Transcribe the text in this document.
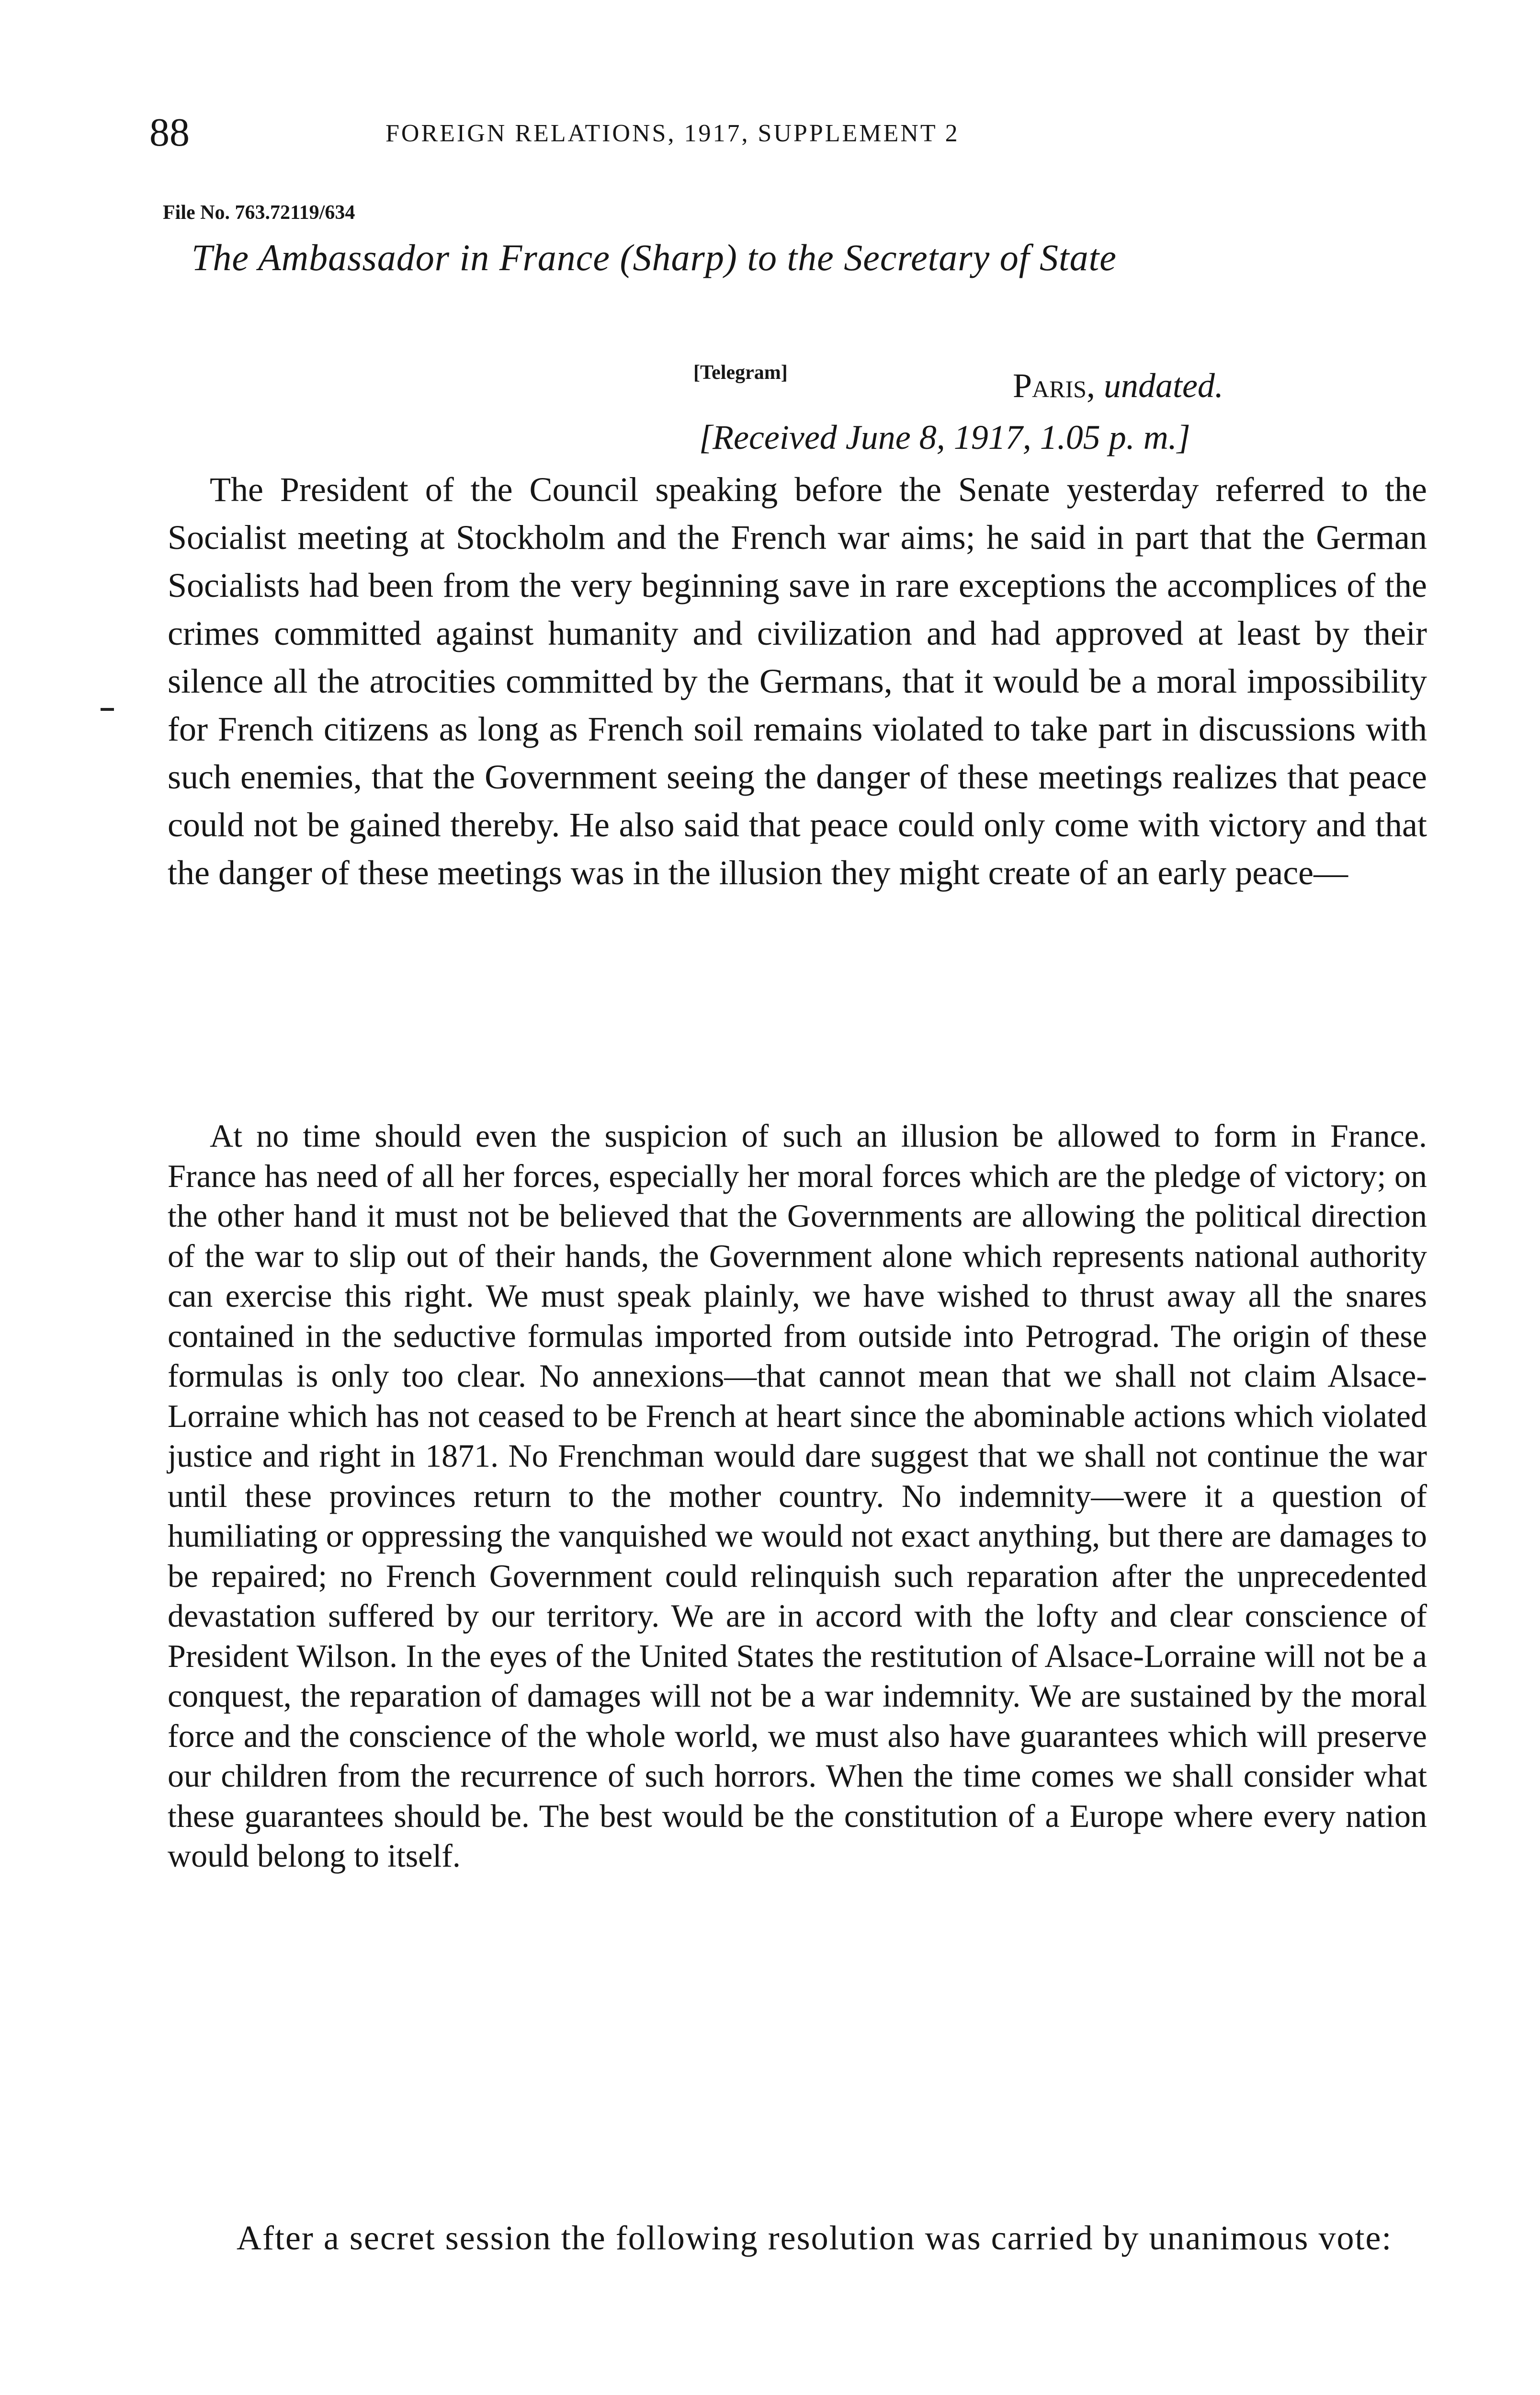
88	FOREIGN RELATIONS, 1917, SUPPLEMENT 2
File No. 763.72119/634
The Ambassador in France (Sharp) to the Secretary of State
[Telegram]	Paris, undated.
[Received June 8, 1917, 1.05 p. m.]

The President of the Council speaking before the Senate yesterday referred to the Socialist meeting at Stockholm and the French war aims; he said in part that the German Socialists had been from the very beginning save in rare exceptions the accomplices of the crimes committed against humanity and civilization and had approved at least by their silence all the atrocities committed by the Germans, that it would be a moral impossibility for French citizens as long as French soil remains violated to take part in discussions with such enemies, that the Government seeing the danger of these meetings realizes that peace could not be gained thereby. He also said that peace could only come with victory and that the danger of these meetings was in the illusion they might create of an early peace—

At no time should even the suspicion of such an illusion be allowed to form in France. France has need of all her forces, especially her moral forces which are the pledge of victory; on the other hand it must not be believed that the Governments are allowing the political direction of the war to slip out of their hands, the Government alone which represents national authority can exercise this right. We must speak plainly, we have wished to thrust away all the snares contained in the seductive formulas imported from outside into Petrograd. The origin of these formulas is only too clear. No annexions—that cannot mean that we shall not claim Alsace-Lorraine which has not ceased to be French at heart since the abominable actions which violated justice and right in 1871. No Frenchman would dare suggest that we shall not continue the war until these provinces return to the mother country. No indemnity—were it a question of humiliating or oppressing the vanquished we would not exact anything, but there are damages to be repaired; no French Government could relinquish such reparation after the unprecedented devastation suffered by our territory. We are in accord with the lofty and clear conscience of President Wilson. In the eyes of the United States the restitution of Alsace-Lorraine will not be a conquest, the reparation of damages will not be a war indemnity. We are sustained by the moral force and the conscience of the whole world, we must also have guarantees which will preserve our children from the recurrence of such horrors. When the time comes we shall consider what these guarantees should be. The best would be the constitution of a Europe where every nation would belong to itself.

After a secret session the following resolution was carried by unanimous vote:
